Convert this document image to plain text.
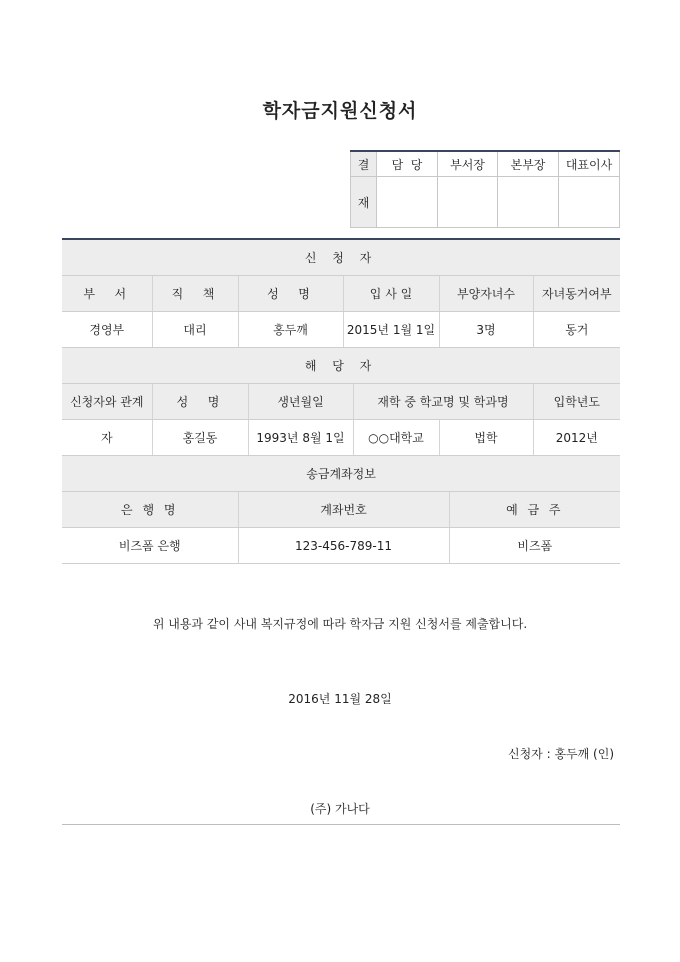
학자금지원신청서
결	담  당	부서장	본부장	대표이사
재				
신 청 자								
부  서	직  책	성  명		입 사 일		부양자녀수		자녀동거여부
경영부	대리	홍두깨		2015년 1월 1일		3명		동거
해 당 자								
신청자와 관계	성  명		생년월일		재학 중 학교명 및 학과명			입학년도
자	홍길동		1993년 8월 1일		○○대학교	법학		2012년
송금계좌정보								
은 행 명		계좌번호					예 금 주	
비즈폼 은행		123-456-789-11					비즈폼	
위 내용과 같이 사내 복지규정에 따라 학자금 지원 신청서를 제출합니다.
2016년 11월 28일
신청자 : 홍두깨 (인)
(주) 가나다
